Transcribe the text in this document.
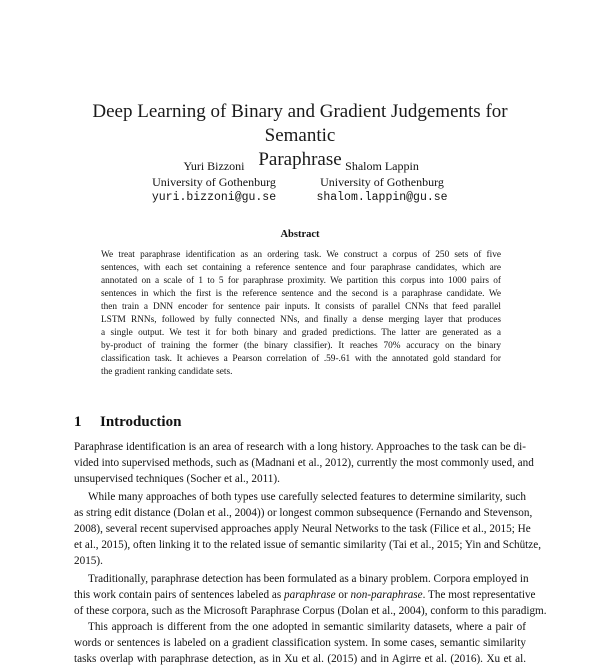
Deep Learning of Binary and Gradient Judgements for Semantic
Paraphrase
Yuri Bizzoni
University of Gothenburg
yuri.bizzoni@gu.se
Shalom Lappin
University of Gothenburg
shalom.lappin@gu.se
Abstract
We treat paraphrase identification as an ordering task. We construct a corpus of 250 sets of five
sentences, with each set containing a reference sentence and four paraphrase candidates, which are
annotated on a scale of 1 to 5 for paraphrase proximity. We partition this corpus into 1000 pairs of
sentences in which the first is the reference sentence and the second is a paraphrase candidate. We
then train a DNN encoder for sentence pair inputs. It consists of parallel CNNs that feed parallel
LSTM RNNs, followed by fully connected NNs, and finally a dense merging layer that produces
a single output. We test it for both binary and graded predictions. The latter are generated as a
by-product of training the former (the binary classifier). It reaches 70% accuracy on the binary
classification task. It achieves a Pearson correlation of .59-.61 with the annotated gold standard for
the gradient ranking candidate sets.
1 Introduction
Paraphrase identification is an area of research with a long history. Approaches to the task can be di-
vided into supervised methods, such as (Madnani et al., 2012), currently the most commonly used, and
unsupervised techniques (Socher et al., 2011).
While many approaches of both types use carefully selected features to determine similarity, such
as string edit distance (Dolan et al., 2004)) or longest common subsequence (Fernando and Stevenson,
2008), several recent supervised approaches apply Neural Networks to the task (Filice et al., 2015; He
et al., 2015), often linking it to the related issue of semantic similarity (Tai et al., 2015; Yin and Schütze,
2015).
Traditionally, paraphrase detection has been formulated as a binary problem. Corpora employed in
this work contain pairs of sentences labeled as paraphrase or non-paraphrase. The most representative
of these corpora, such as the Microsoft Paraphrase Corpus (Dolan et al., 2004), conform to this paradigm.
This approach is different from the one adopted in semantic similarity datasets, where a pair of
words or sentences is labeled on a gradient classification system. In some cases, semantic similarity
tasks overlap with paraphrase detection, as in Xu et al. (2015) and in Agirre et al. (2016). Xu et al.
